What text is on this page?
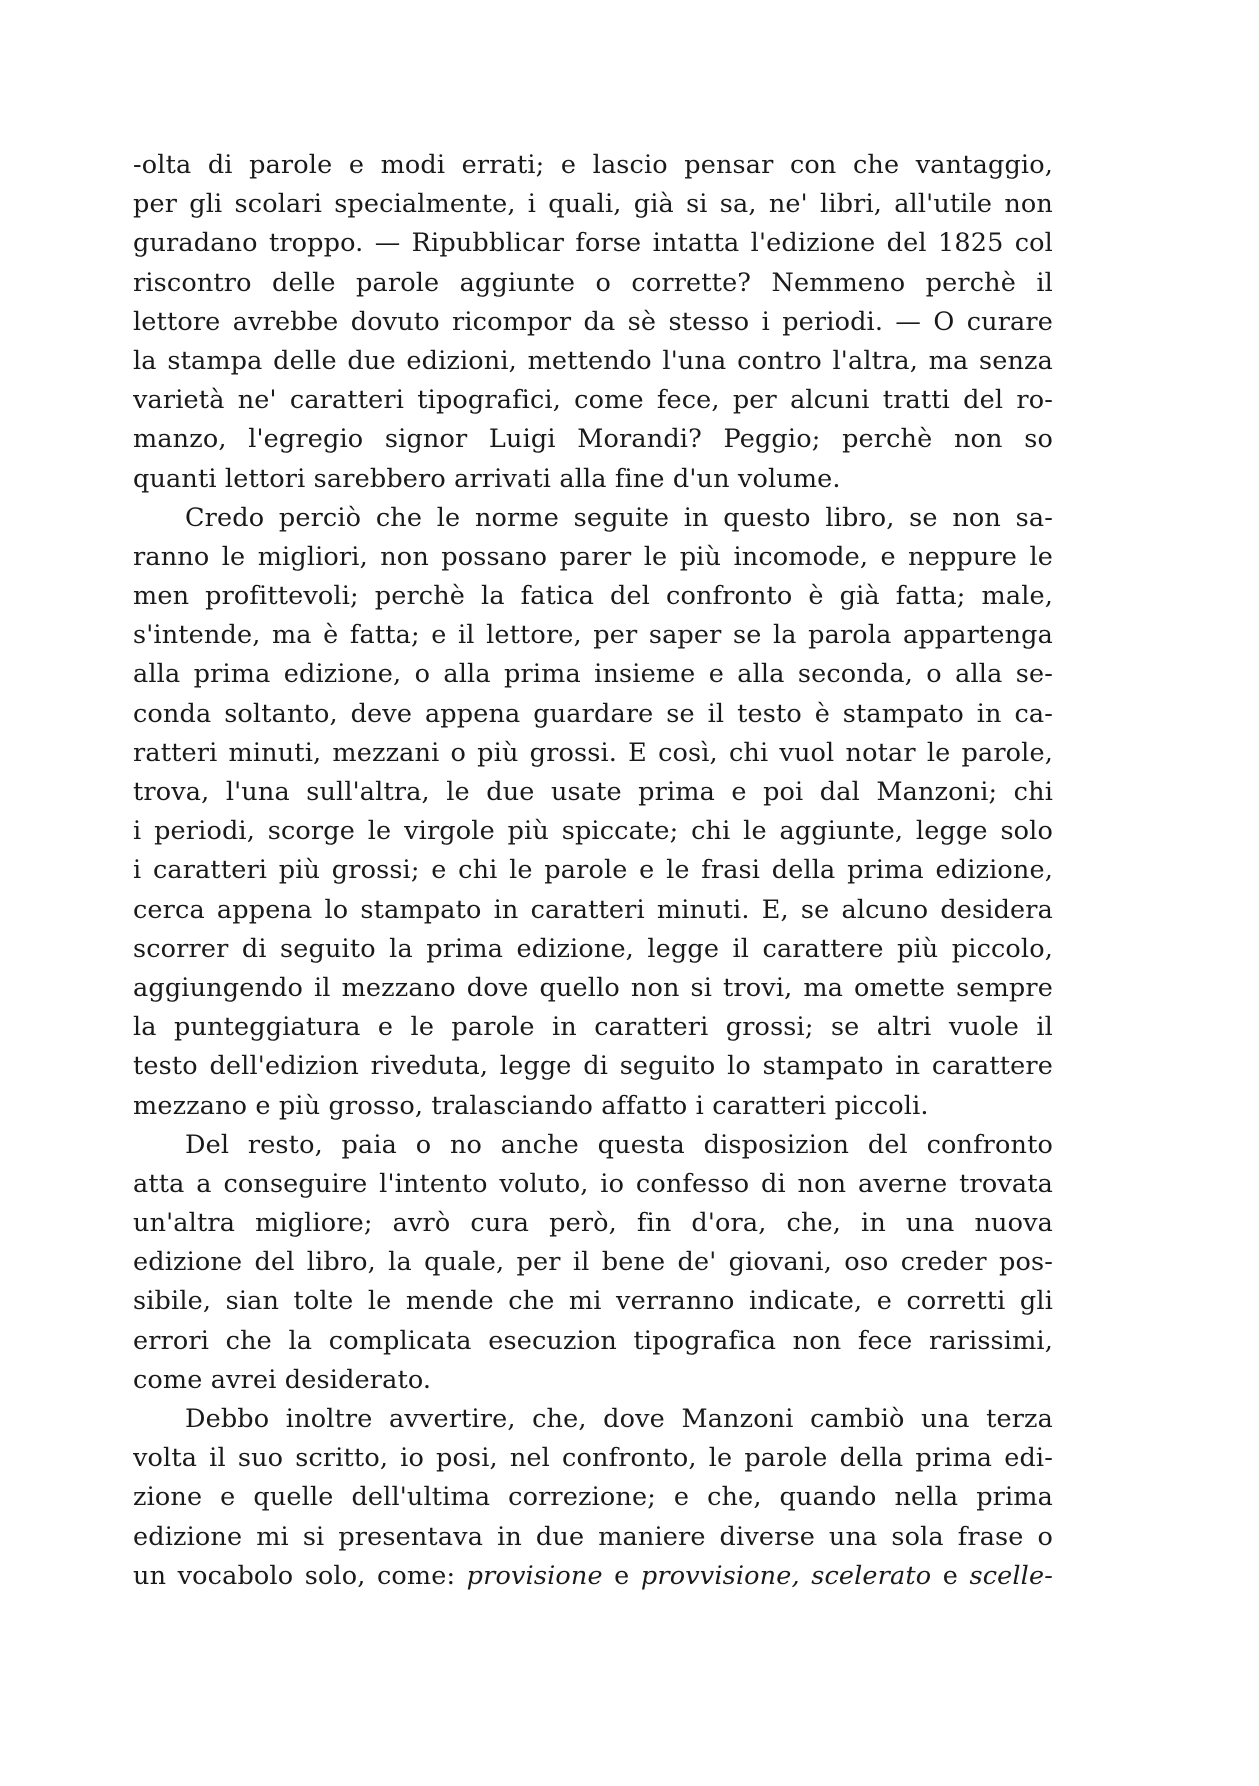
-olta di parole e modi errati; e lascio pensar con che vantaggio,
per gli scolari specialmente, i quali, già si sa, ne' libri, all'utile non
guradano troppo. — Ripubblicar forse intatta l'edizione del 1825 col
riscontro delle parole aggiunte o corrette? Nemmeno perchè il
lettore avrebbe dovuto ricompor da sè stesso i periodi. — O curare
la stampa delle due edizioni, mettendo l'una contro l'altra, ma senza
varietà ne' caratteri tipografici, come fece, per alcuni tratti del ro-
manzo, l'egregio signor Luigi Morandi? Peggio; perchè non so
quanti lettori sarebbero arrivati alla fine d'un volume.

Credo perciò che le norme seguite in questo libro, se non sa-
ranno le migliori, non possano parer le più incomode, e neppure le
men profittevoli; perchè la fatica del confronto è già fatta; male,
s'intende, ma è fatta; e il lettore, per saper se la parola appartenga
alla prima edizione, o alla prima insieme e alla seconda, o alla se-
conda soltanto, deve appena guardare se il testo è stampato in ca-
ratteri minuti, mezzani o più grossi. E così, chi vuol notar le parole,
trova, l'una sull'altra, le due usate prima e poi dal Manzoni; chi
i periodi, scorge le virgole più spiccate; chi le aggiunte, legge solo
i caratteri più grossi; e chi le parole e le frasi della prima edizione,
cerca appena lo stampato in caratteri minuti. E, se alcuno desidera
scorrer di seguito la prima edizione, legge il carattere più piccolo,
aggiungendo il mezzano dove quello non si trovi, ma omette sempre
la punteggiatura e le parole in caratteri grossi; se altri vuole il
testo dell'edizion riveduta, legge di seguito lo stampato in carattere
mezzano e più grosso, tralasciando affatto i caratteri piccoli.

Del resto, paia o no anche questa disposizion del confronto
atta a conseguire l'intento voluto, io confesso di non averne trovata
un'altra migliore; avrò cura però, fin d'ora, che, in una nuova
edizione del libro, la quale, per il bene de' giovani, oso creder pos-
sibile, sian tolte le mende che mi verranno indicate, e corretti gli
errori che la complicata esecuzion tipografica non fece rarissimi,
come avrei desiderato.

Debbo inoltre avvertire, che, dove Manzoni cambiò una terza
volta il suo scritto, io posi, nel confronto, le parole della prima edi-
zione e quelle dell'ultima correzione; e che, quando nella prima
edizione mi si presentava in due maniere diverse una sola frase o
un vocabolo solo, come: provisione e provvisione, scelerato e scelle-
